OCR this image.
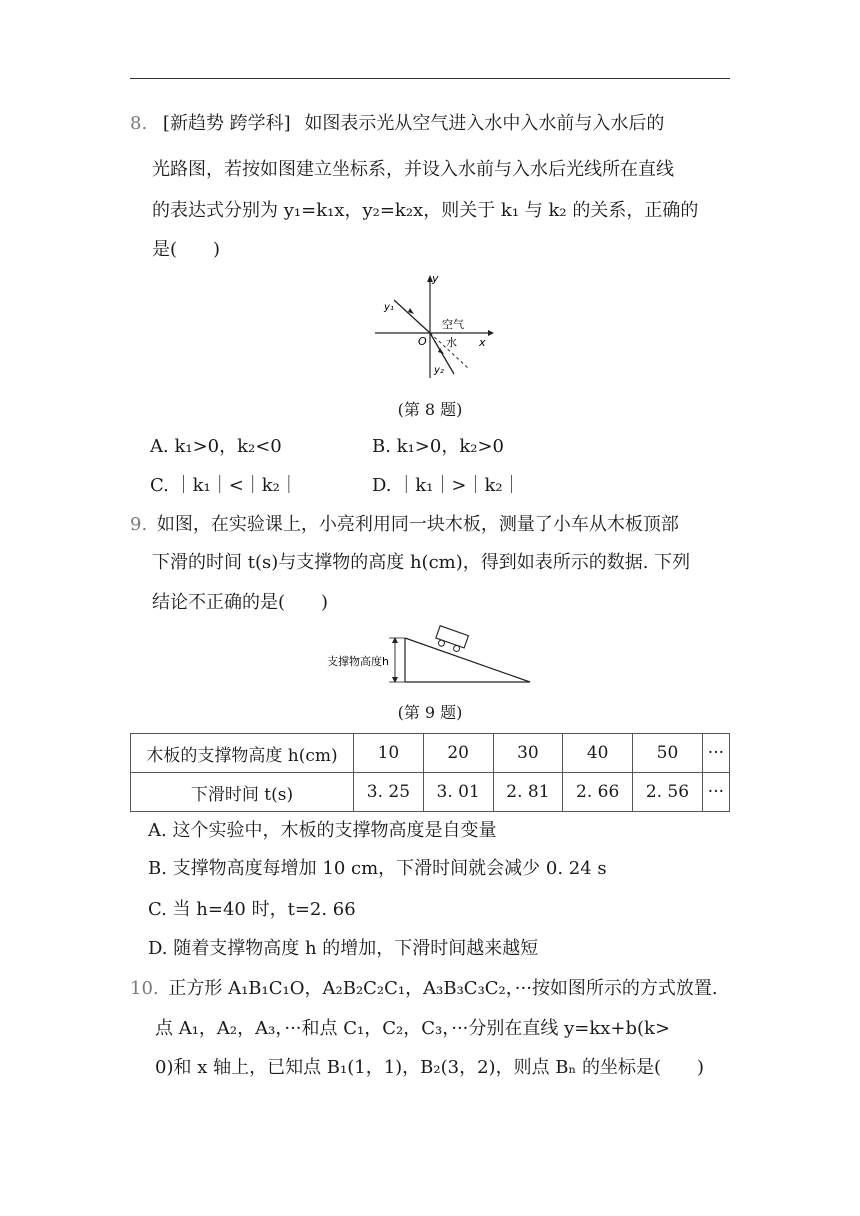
8. [新趋势 跨学科] 如图表示光从空气进入水中入水前与入水后的
光路图，若按如图建立坐标系，并设入水前与入水后光线所在直线
的表达式分别为 y₁=k₁x，y₂=k₂x，则关于 k₁ 与 k₂ 的关系，正确的
是(　　)
y
x
O
y₁
y₂
空气
水
(第 8 题)
A. k₁>0，k₂<0	B. k₁>0，k₂>0
C. ｜k₁｜<｜k₂｜	D. ｜k₁｜>｜k₂｜
9. 如图，在实验课上，小亮利用同一块木板，测量了小车从木板顶部
下滑的时间 t(s)与支撑物的高度 h(cm)，得到如表所示的数据. 下列
结论不正确的是(　　)
支撑物高度h
(第 9 题)
木板的支撑物高度 h(cm)	10	20	30	40	50	···
下滑时间 t(s)	3. 25	3. 01	2. 81	2. 66	2. 56	···
A. 这个实验中，木板的支撑物高度是自变量
B. 支撑物高度每增加 10 cm，下滑时间就会减少 0. 24 s
C. 当 h=40 时，t=2. 66
D. 随着支撑物高度 h 的增加，下滑时间越来越短
10. 正方形 A₁B₁C₁O，A₂B₂C₂C₁，A₃B₃C₃C₂，···按如图所示的方式放置.
点 A₁，A₂，A₃，···和点 C₁，C₂，C₃，···分别在直线 y=kx+b(k>
0)和 x 轴上，已知点 B₁(1，1)，B₂(3，2)，则点 Bₙ 的坐标是(　　)
